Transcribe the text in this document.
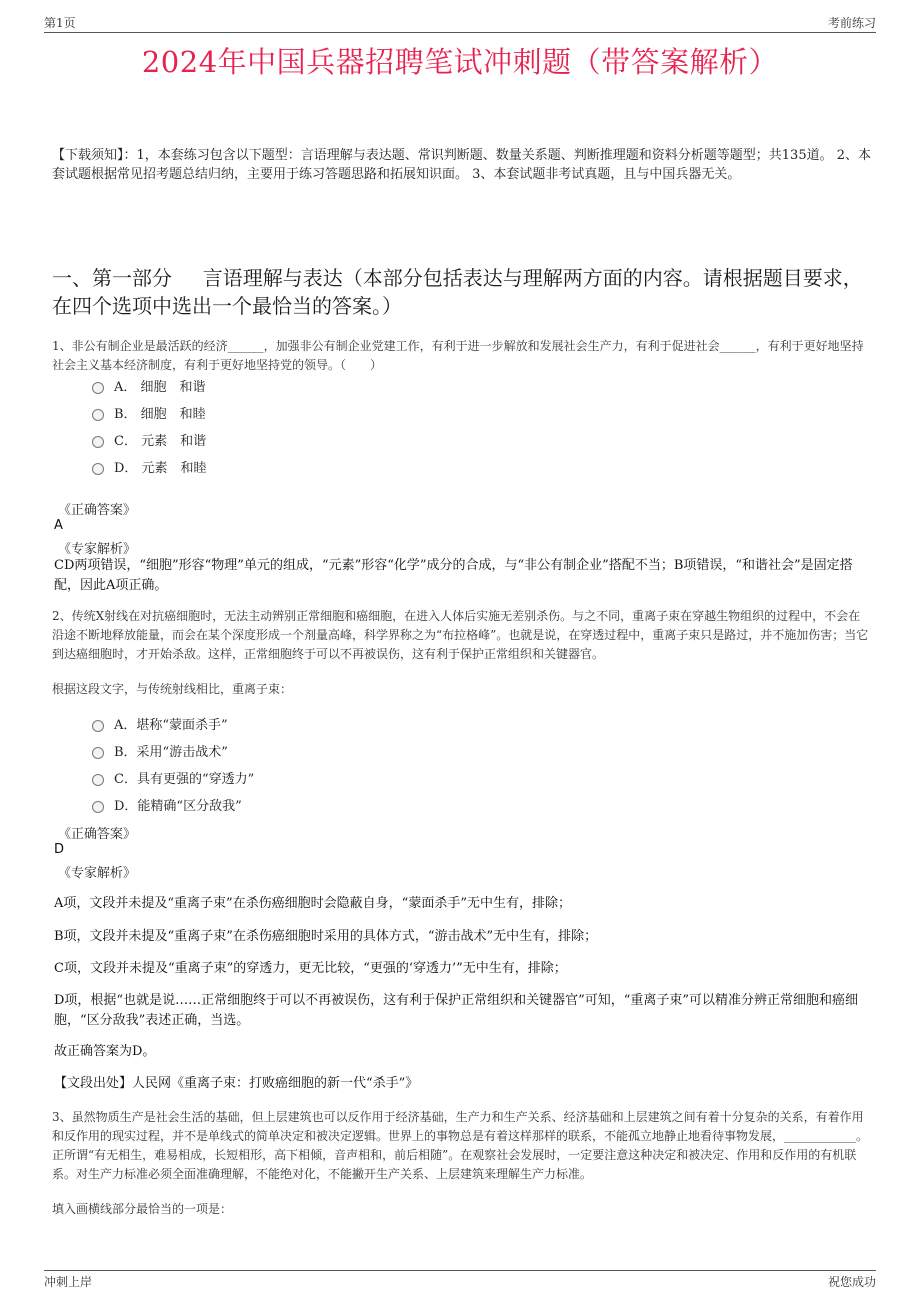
第1页	考前练习
2024年中国兵器招聘笔试冲刺题（带答案解析）
【下载须知】：1，本套练习包含以下题型：言语理解与表达题、常识判断题、数量关系题、判断推理题和资料分析题等题型；共135道。 2、本套试题根据常见招考题总结归纳，主要用于练习答题思路和拓展知识面。 3、本套试题非考试真题，且与中国兵器无关。
一、第一部分 言语理解与表达（本部分包括表达与理解两方面的内容。请根据题目要求，在四个选项中选出一个最恰当的答案。）
1、非公有制企业是最活跃的经济______，加强非公有制企业党建工作，有利于进一步解放和发展社会生产力，有利于促进社会______，有利于更好地坚持社会主义基本经济制度，有利于更好地坚持党的领导。（　　）
A． 细胞　和谐
B． 细胞　和睦
C． 元素　和谐
D． 元素　和睦
《正确答案》
A
《专家解析》
CD两项错误，“细胞”形容“物理”单元的组成，“元素”形容“化学”成分的合成，与“非公有制企业”搭配不当；B项错误，“和谐社会”是固定搭配，因此A项正确。
2、传统X射线在对抗癌细胞时，无法主动辨别正常细胞和癌细胞，在进入人体后实施无差别杀伤。与之不同，重离子束在穿越生物组织的过程中，不会在沿途不断地释放能量，而会在某个深度形成一个剂量高峰，科学界称之为“布拉格峰”。也就是说，在穿透过程中，重离子束只是路过，并不施加伤害；当它到达癌细胞时，才开始杀敌。这样，正常细胞终于可以不再被误伤，这有利于保护正常组织和关键器官。
根据这段文字，与传统射线相比，重离子束：
A．堪称“蒙面杀手”
B．采用“游击战术”
C．具有更强的“穿透力”
D．能精确“区分敌我”
《正确答案》
D
《专家解析》
A项，文段并未提及“重离子束”在杀伤癌细胞时会隐蔽自身，“蒙面杀手”无中生有，排除；
B项，文段并未提及“重离子束”在杀伤癌细胞时采用的具体方式，“游击战术”无中生有，排除；
C项，文段并未提及“重离子束”的穿透力，更无比较，“更强的‘穿透力’”无中生有，排除；
D项，根据“也就是说……正常细胞终于可以不再被误伤，这有利于保护正常组织和关键器官”可知，“重离子束”可以精准分辨正常细胞和癌细胞，“区分敌我”表述正确，当选。
故正确答案为D。
【文段出处】人民网《重离子束：打败癌细胞的新一代“杀手”》
3、虽然物质生产是社会生活的基础，但上层建筑也可以反作用于经济基础，生产力和生产关系、经济基础和上层建筑之间有着十分复杂的关系，有着作用和反作用的现实过程，并不是单线式的简单决定和被决定逻辑。世界上的事物总是有着这样那样的联系，不能孤立地静止地看待事物发展，____________。正所谓“有无相生，难易相成，长短相形，高下相倾，音声相和，前后相随”。在观察社会发展时，一定要注意这种决定和被决定、作用和反作用的有机联系。对生产力标准必须全面准确理解，不能绝对化，不能撇开生产关系、上层建筑来理解生产力标准。
填入画横线部分最恰当的一项是：
冲刺上岸	祝您成功
